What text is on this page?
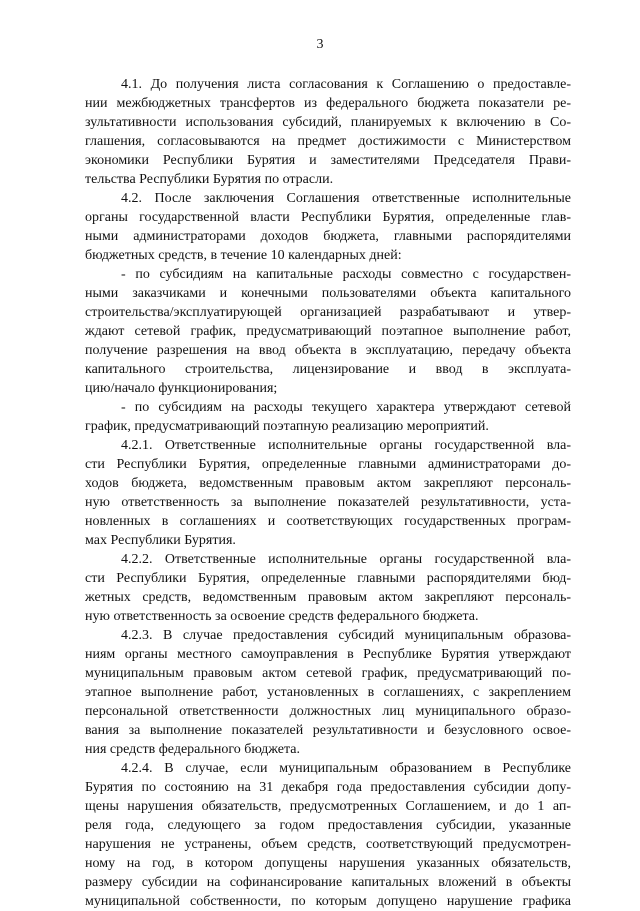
3
4.1. До получения листа согласования к Соглашению о предоставле-
нии межбюджетных трансфертов из федерального бюджета показатели ре-
зультативности использования субсидий, планируемых к включению в Со-
глашения, согласовываются на предмет достижимости с Министерством
экономики Республики Бурятия и заместителями Председателя Прави-
тельства Республики Бурятия по отрасли.
4.2. После заключения Соглашения ответственные исполнительные
органы государственной власти Республики Бурятия, определенные глав-
ными администраторами доходов бюджета, главными распорядителями
бюджетных средств, в течение 10 календарных дней:
- по субсидиям на капитальные расходы совместно с государствен-
ными заказчиками и конечными пользователями объекта капитального
строительства/эксплуатирующей организацией разрабатывают и утвер-
ждают сетевой график, предусматривающий поэтапное выполнение работ,
получение разрешения на ввод объекта в эксплуатацию, передачу объекта
капитального строительства, лицензирование и ввод в эксплуата-
цию/начало функционирования;
- по субсидиям на расходы текущего характера утверждают сетевой
график, предусматривающий поэтапную реализацию мероприятий.
4.2.1. Ответственные исполнительные органы государственной вла-
сти Республики Бурятия, определенные главными администраторами до-
ходов бюджета, ведомственным правовым актом закрепляют персональ-
ную ответственность за выполнение показателей результативности, уста-
новленных в соглашениях и соответствующих государственных програм-
мах Республики Бурятия.
4.2.2. Ответственные исполнительные органы государственной вла-
сти Республики Бурятия, определенные главными распорядителями бюд-
жетных средств, ведомственным правовым актом закрепляют персональ-
ную ответственность за освоение средств федерального бюджета.
4.2.3. В случае предоставления субсидий муниципальным образова-
ниям органы местного самоуправления в Республике Бурятия утверждают
муниципальным правовым актом сетевой график, предусматривающий по-
этапное выполнение работ, установленных в соглашениях, с закреплением
персональной ответственности должностных лиц муниципального образо-
вания за выполнение показателей результативности и безусловного освое-
ния средств федерального бюджета.
4.2.4. В случае, если муниципальным образованием в Республике
Бурятия по состоянию на 31 декабря года предоставления субсидии допу-
щены нарушения обязательств, предусмотренных Соглашением, и до 1 ап-
реля года, следующего за годом предоставления субсидии, указанные
нарушения не устранены, объем средств, соответствующий предусмотрен-
ному на год, в котором допущены нарушения указанных обязательств,
размеру субсидии на софинансирование капитальных вложений в объекты
муниципальной собственности, по которым допущено нарушение графика
